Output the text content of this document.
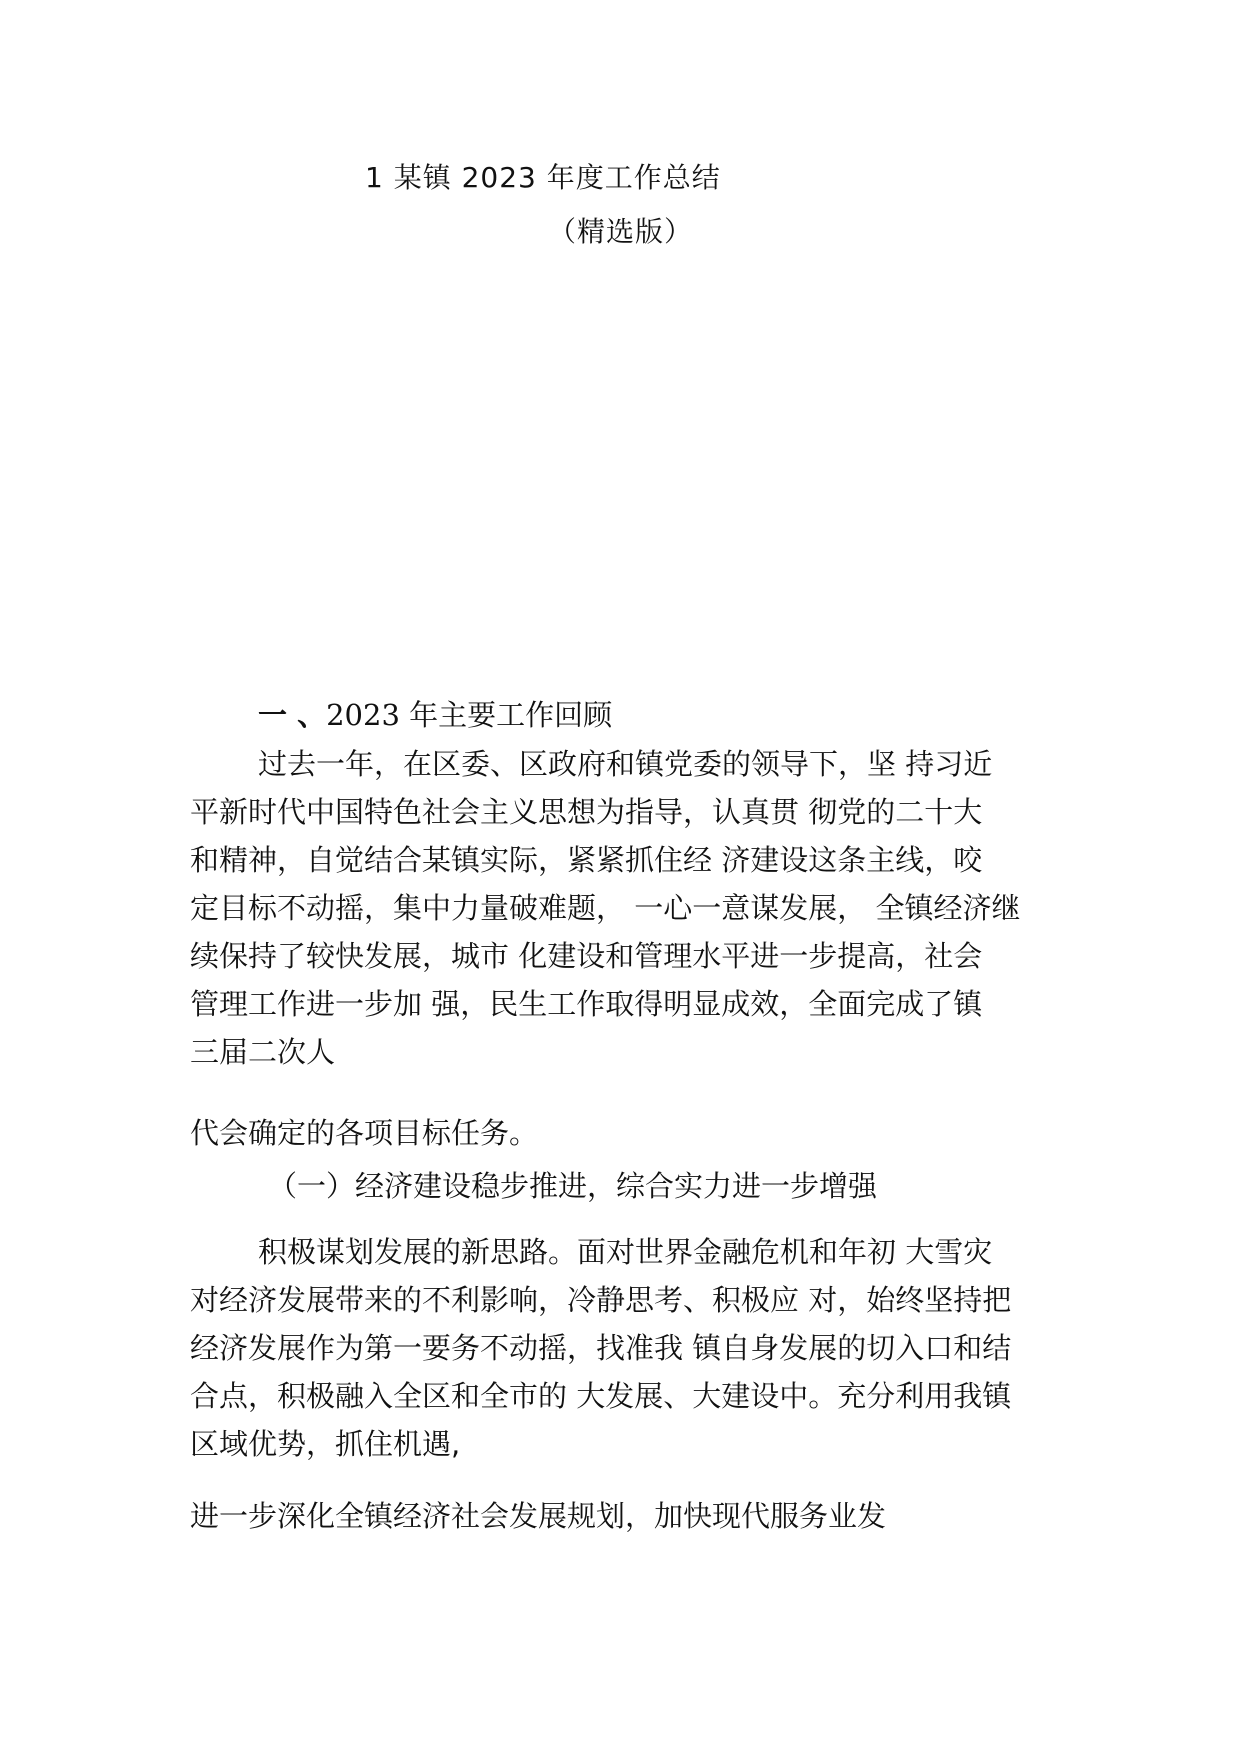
1 某镇 2023 年度工作总结
（精选版）
一 、2023 年主要工作回顾
过去一年，在区委、区政府和镇党委的领导下，坚 持习近
平新时代中国特色社会主义思想为指导，认真贯 彻党的二十大
和精神，自觉结合某镇实际，紧紧抓住经 济建设这条主线，咬
定目标不动摇，集中力量破难题， 一心一意谋发展， 全镇经济继
续保持了较快发展，城市 化建设和管理水平进一步提高，社会
管理工作进一步加 强，民生工作取得明显成效，全面完成了镇
三届二次人
代会确定的各项目标任务。
（一）经济建设稳步推进，综合实力进一步增强
积极谋划发展的新思路。面对世界金融危机和年初 大雪灾
对经济发展带来的不利影响，冷静思考、积极应 对，始终坚持把
经济发展作为第一要务不动摇，找准我 镇自身发展的切入口和结
合点，积极融入全区和全市的 大发展、大建设中。充分利用我镇
区域优势，抓住机遇,
进一步深化全镇经济社会发展规划，加快现代服务业发
